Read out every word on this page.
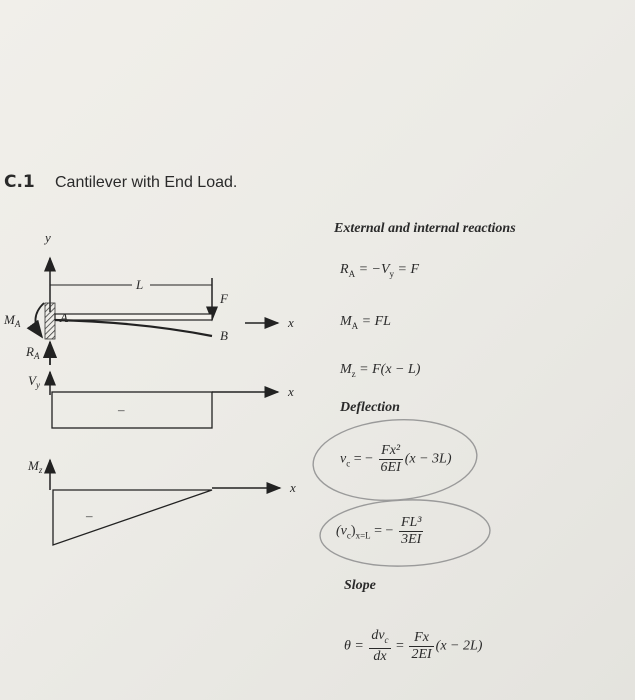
C.1 Cantilever with End Load.
y
L
F
x
$M_A$	A
B
$R_A$
$V_y$	x
–
$M_z$
x
–
External and internal reactions
$R_A = -V_y = F$
$M_A$ = FL
$M_z = F(x - L)$
Deflection
$v_c$ = − $\frac{\text{Fx²}}{6EI} (x - 3L)$
$(v_c)_{x=L}$ = − $\frac{\text{FL³}}{3EI}$
Slope
$\theta = \frac{dv_c}{dx} = \frac{Fx}{2EI} (x - 2L)$
